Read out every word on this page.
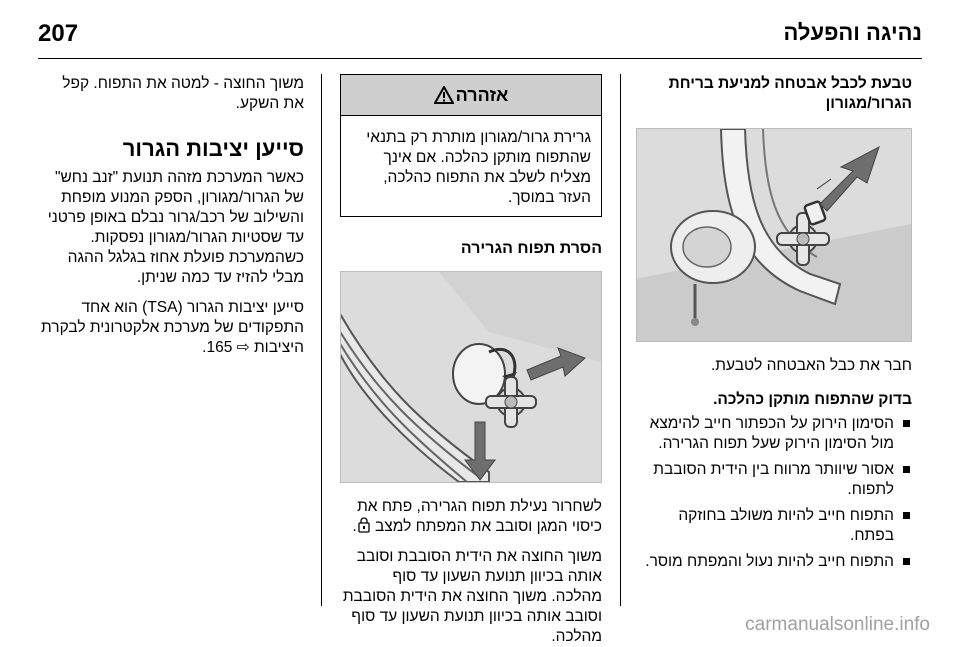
207	נהיגה והפעלה

טבעת לכבל אבטחה למניעת בריחת הגרור/מגורון

חבר את כבל האבטחה לטבעת.

בדוק שהתפוח מותקן כהלכה.

הסימון הירוק על הכפתור חייב להימצא מול הסימון הירוק שעל תפוח הגרירה.
אסור שיוותר מרווח בין הידית הסובבת לתפוח.
התפוח חייב להיות משולב בחוזקה בפתח.
התפוח חייב להיות נעול והמפתח מוסר.
אזהרה
גרירת גרור/מגורון מותרת רק בתנאי שהתפוח מותקן כהלכה. אם אינך מצליח לשלב את התפוח כהלכה, העזר במוסך.

הסרת תפוח הגרירה

לשחרור נעילת תפוח הגרירה, פתח את כיסוי המגן וסובב את המפתח למצב .

משוך החוצה את הידית הסובבת וסובב אותה בכיוון תנועת השעון עד סוף מהלכה. משוך החוצה את הידית הסובבת וסובב אותה בכיוון תנועת השעון עד סוף מהלכה.

משוך החוצה - למטה את התפוח. קפל את השקע.

סייען יציבות הגרור

כאשר המערכת מזהה תנועת "זנב נחש" של הגרור/מגורון, הספק המנוע מופחת והשילוב של רכב/גרור נבלם באופן פרטני עד שסטיות הגרור/מגורון נפסקות. כשהמערכת פועלת אחוז בגלגל ההגה מבלי להזיז עד כמה שניתן.

סייען יציבות הגרור (TSA) הוא אחד התפקודים של מערכת אלקטרונית לבקרת היציבות ⇨ 165.

carmanualsonline.info
